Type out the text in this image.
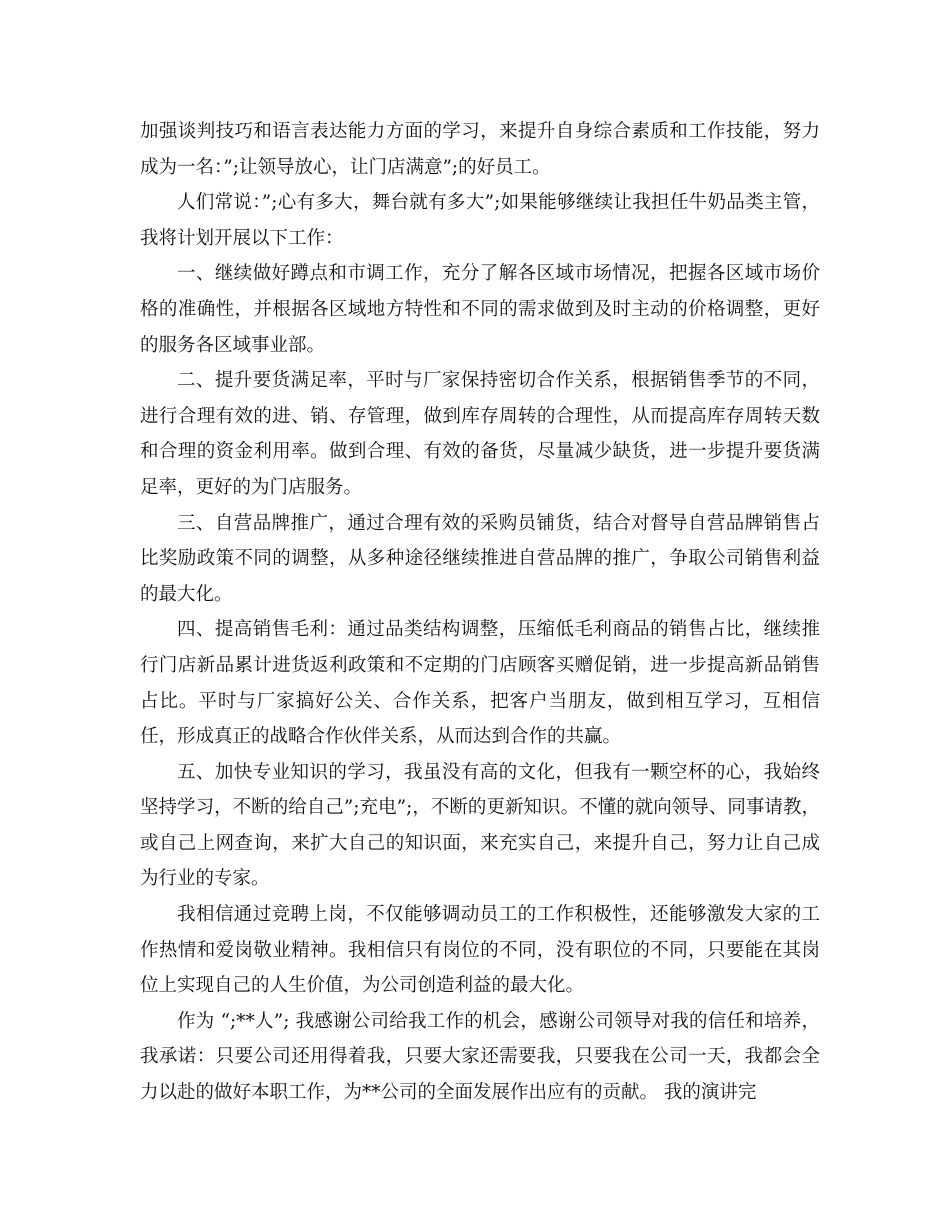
加强谈判技巧和语言表达能力方面的学习，来提升自身综合素质和工作技能，努力成为一名：”;让领导放心，让门店满意”;的好员工。

人们常说：”;心有多大，舞台就有多大”;如果能够继续让我担任牛奶品类主管，我将计划开展以下工作：

一、继续做好蹲点和市调工作，充分了解各区域市场情况，把握各区域市场价格的准确性，并根据各区域地方特性和不同的需求做到及时主动的价格调整，更好的服务各区域事业部。

二、提升要货满足率，平时与厂家保持密切合作关系，根据销售季节的不同，进行合理有效的进、销、存管理，做到库存周转的合理性，从而提高库存周转天数和合理的资金利用率。做到合理、有效的备货，尽量减少缺货，进一步提升要货满足率，更好的为门店服务。

三、自营品牌推广，通过合理有效的采购员铺货，结合对督导自营品牌销售占比奖励政策不同的调整，从多种途径继续推进自营品牌的推广，争取公司销售利益的最大化。

四、提高销售毛利：通过品类结构调整，压缩低毛利商品的销售占比，继续推行门店新品累计进货返利政策和不定期的门店顾客买赠促销，进一步提高新品销售占比。平时与厂家搞好公关、合作关系，把客户当朋友，做到相互学习，互相信任，形成真正的战略合作伙伴关系，从而达到合作的共赢。

五、加快专业知识的学习，我虽没有高的文化，但我有一颗空杯的心，我始终坚持学习，不断的给自己”;充电”;，不断的更新知识。不懂的就向领导、同事请教，或自己上网查询，来扩大自己的知识面，来充实自己，来提升自己，努力让自己成为行业的专家。

我相信通过竞聘上岗，不仅能够调动员工的工作积极性，还能够激发大家的工作热情和爱岗敬业精神。我相信只有岗位的不同，没有职位的不同，只要能在其岗位上实现自己的人生价值，为公司创造利益的最大化。

作为 “;**人”; 我感谢公司给我工作的机会，感谢公司领导对我的信任和培养，我承诺：只要公司还用得着我，只要大家还需要我，只要我在公司一天，我都会全力以赴的做好本职工作，为**公司的全面发展作出应有的贡献。 我的演讲完
